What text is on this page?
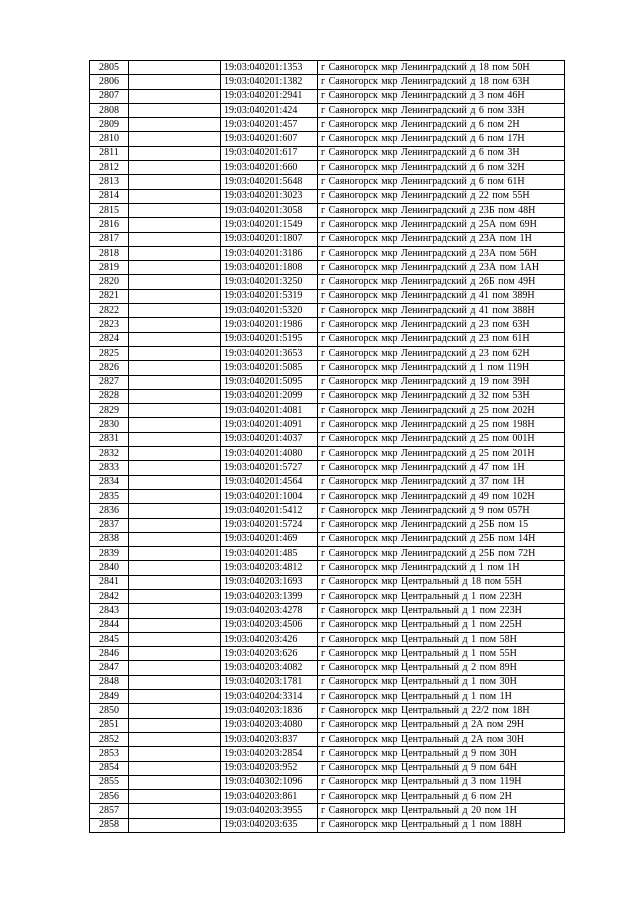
2805		19:03:040201:1353	г Саяногорск мкр Ленинградский д 18 пом 50Н
2806		19:03:040201:1382	г Саяногорск мкр Ленинградский д 18 пом 63Н
2807		19:03:040201:2941	г Саяногорск мкр Ленинградский д 3 пом 46Н
2808		19:03:040201:424	г Саяногорск мкр Ленинградский д 6 пом 33Н
2809		19:03:040201:457	г Саяногорск мкр Ленинградский д 6 пом 2Н
2810		19:03:040201:607	г Саяногорск мкр Ленинградский д 6 пом 17Н
2811		19:03:040201:617	г Саяногорск мкр Ленинградский д 6 пом 3Н
2812		19:03:040201:660	г Саяногорск мкр Ленинградский д 6 пом 32Н
2813		19:03:040201:5648	г Саяногорск мкр Ленинградский д 6 пом 61Н
2814		19:03:040201:3023	г Саяногорск мкр Ленинградский д 22 пом 55Н
2815		19:03:040201:3058	г Саяногорск мкр Ленинградский д 23Б пом 48Н
2816		19:03:040201:1549	г Саяногорск мкр Ленинградский д 25А пом 69Н
2817		19:03:040201:1807	г Саяногорск мкр Ленинградский д 23А пом 1Н
2818		19:03:040201:3186	г Саяногорск мкр Ленинградский д 23А пом 56Н
2819		19:03:040201:1808	г Саяногорск мкр Ленинградский д 23А пом 1АН
2820		19:03:040201:3250	г Саяногорск мкр Ленинградский д 26Б пом 49Н
2821		19:03:040201:5319	г Саяногорск мкр Ленинградский д 41 пом 389Н
2822		19:03:040201:5320	г Саяногорск мкр Ленинградский д 41 пом 388Н
2823		19:03:040201:1986	г Саяногорск мкр Ленинградский д 23 пом 63Н
2824		19:03:040201:5195	г Саяногорск мкр Ленинградский д 23 пом 61Н
2825		19:03:040201:3653	г Саяногорск мкр Ленинградский д 23 пом 62Н
2826		19:03:040201:5085	г Саяногорск мкр Ленинградский д 1 пом 119Н
2827		19:03:040201:5095	г Саяногорск мкр Ленинградский д 19 пом 39Н
2828		19:03:040201:2099	г Саяногорск мкр Ленинградский д 32 пом 53Н
2829		19:03:040201:4081	г Саяногорск мкр Ленинградский д 25 пом 202Н
2830		19:03:040201:4091	г Саяногорск мкр Ленинградский д 25 пом 198Н
2831		19:03:040201:4037	г Саяногорск мкр Ленинградский д 25 пом 001Н
2832		19:03:040201:4080	г Саяногорск мкр Ленинградский д 25 пом 201Н
2833		19:03:040201:5727	г Саяногорск мкр Ленинградский д 47 пом 1Н
2834		19:03:040201:4564	г Саяногорск мкр Ленинградский д 37 пом 1Н
2835		19:03:040201:1004	г Саяногорск мкр Ленинградский д 49 пом 102Н
2836		19:03:040201:5412	г Саяногорск мкр Ленинградский д 9 пом 057Н
2837		19:03:040201:5724	г Саяногорск мкр Ленинградский д 25Б пом 15
2838		19:03:040201:469	г Саяногорск мкр Ленинградский д 25Б пом 14Н
2839		19:03:040201:485	г Саяногорск мкр Ленинградский д 25Б пом 72Н
2840		19:03:040203:4812	г Саяногорск мкр Ленинградский д 1 пом 1Н
2841		19:03:040203:1693	г Саяногорск мкр Центральный д 18 пом 55Н
2842		19:03:040203:1399	г Саяногорск мкр Центральный д 1 пом 223Н
2843		19:03:040203:4278	г Саяногорск мкр Центральный д 1 пом 223Н
2844		19:03:040203:4506	г Саяногорск мкр Центральный д 1 пом 225Н
2845		19:03:040203:426	г Саяногорск мкр Центральный д 1 пом 58Н
2846		19:03:040203:626	г Саяногорск мкр Центральный д 1 пом 55Н
2847		19:03:040203:4082	г Саяногорск мкр Центральный д 2 пом 89Н
2848		19:03:040203:1781	г Саяногорск мкр Центральный д 1 пом 30Н
2849		19:03:040204:3314	г Саяногорск мкр Центральный д 1 пом 1Н
2850		19:03:040203:1836	г Саяногорск мкр Центральный д 22/2 пом 18Н
2851		19:03:040203:4080	г Саяногорск мкр Центральный д 2А пом 29Н
2852		19:03:040203:837	г Саяногорск мкр Центральный д 2А пом 30Н
2853		19:03:040203:2854	г Саяногорск мкр Центральный д 9 пом 30Н
2854		19:03:040203:952	г Саяногорск мкр Центральный д 9 пом 64Н
2855		19:03:040302:1096	г Саяногорск мкр Центральный д 3 пом 119Н
2856		19:03:040203:861	г Саяногорск мкр Центральный д 6 пом 2Н
2857		19:03:040203:3955	г Саяногорск мкр Центральный д 20 пом 1Н
2858		19:03:040203:635	г Саяногорск мкр Центральный д 1 пом 188Н
